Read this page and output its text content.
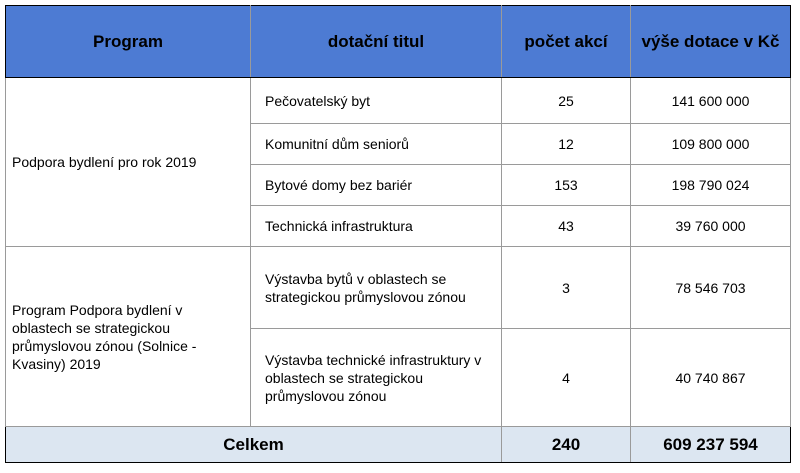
Program	dotační titul	počet akcí	výše dotace v Kč
Podpora bydlení pro rok 2019	Pečovatelský byt	25	141 600 000
	Komunitní dům seniorů	12	109 800 000
	Bytové domy bez bariér	153	198 790 024
	Technická infrastruktura	43	39 760 000
Program Podpora bydlení v oblastech se strategickou průmyslovou zónou (Solnice - Kvasiny) 2019	Výstavba bytů v oblastech se strategickou průmyslovou zónou	3	78 546 703
	Výstavba technické infrastruktury v oblastech se strategickou průmyslovou zónou	4	40 740 867
Celkem		240	609 237 594
